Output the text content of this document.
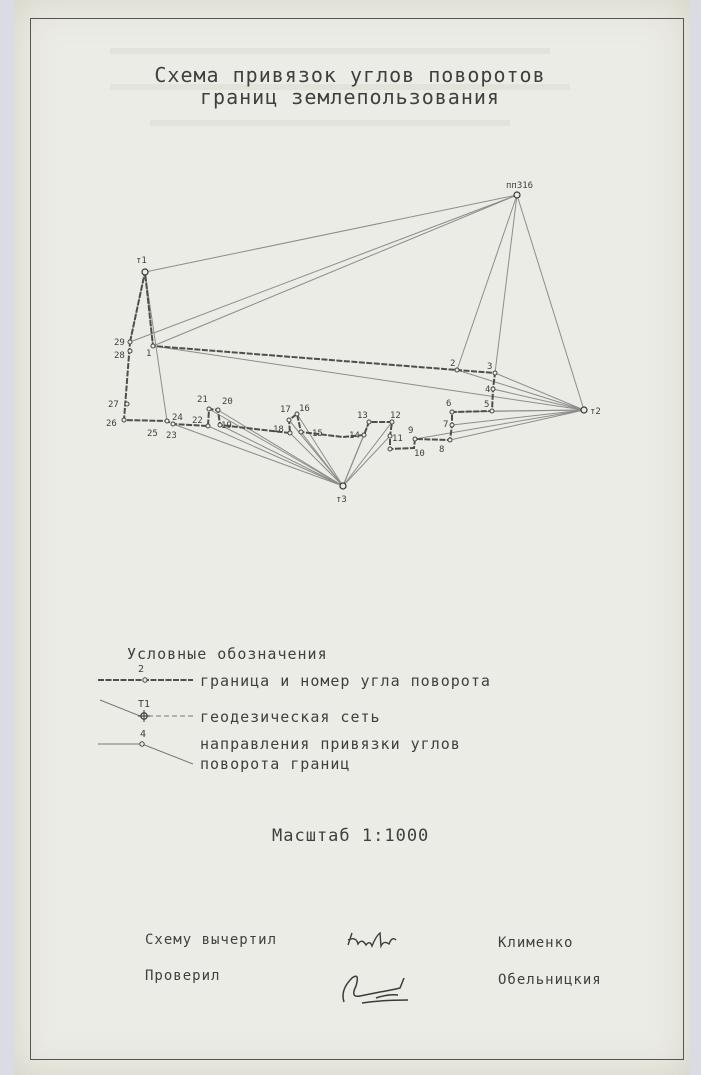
Схема привязок углов поворотов
границ землепользования
пп316
т1
т2
т3
1
2	3
4
5
6
7
8
9
10
11
12
13
14
15
16
17
18
19
20
21
22
23
24
25
26
27
28
29
Условные обозначения
2
Т1
4
граница и номер угла поворота
геодезическая сеть
направления привязки углов
поворота границ
Масштаб 1:1000
Схему вычертил	Клименко
Проверил	Обельницкия
